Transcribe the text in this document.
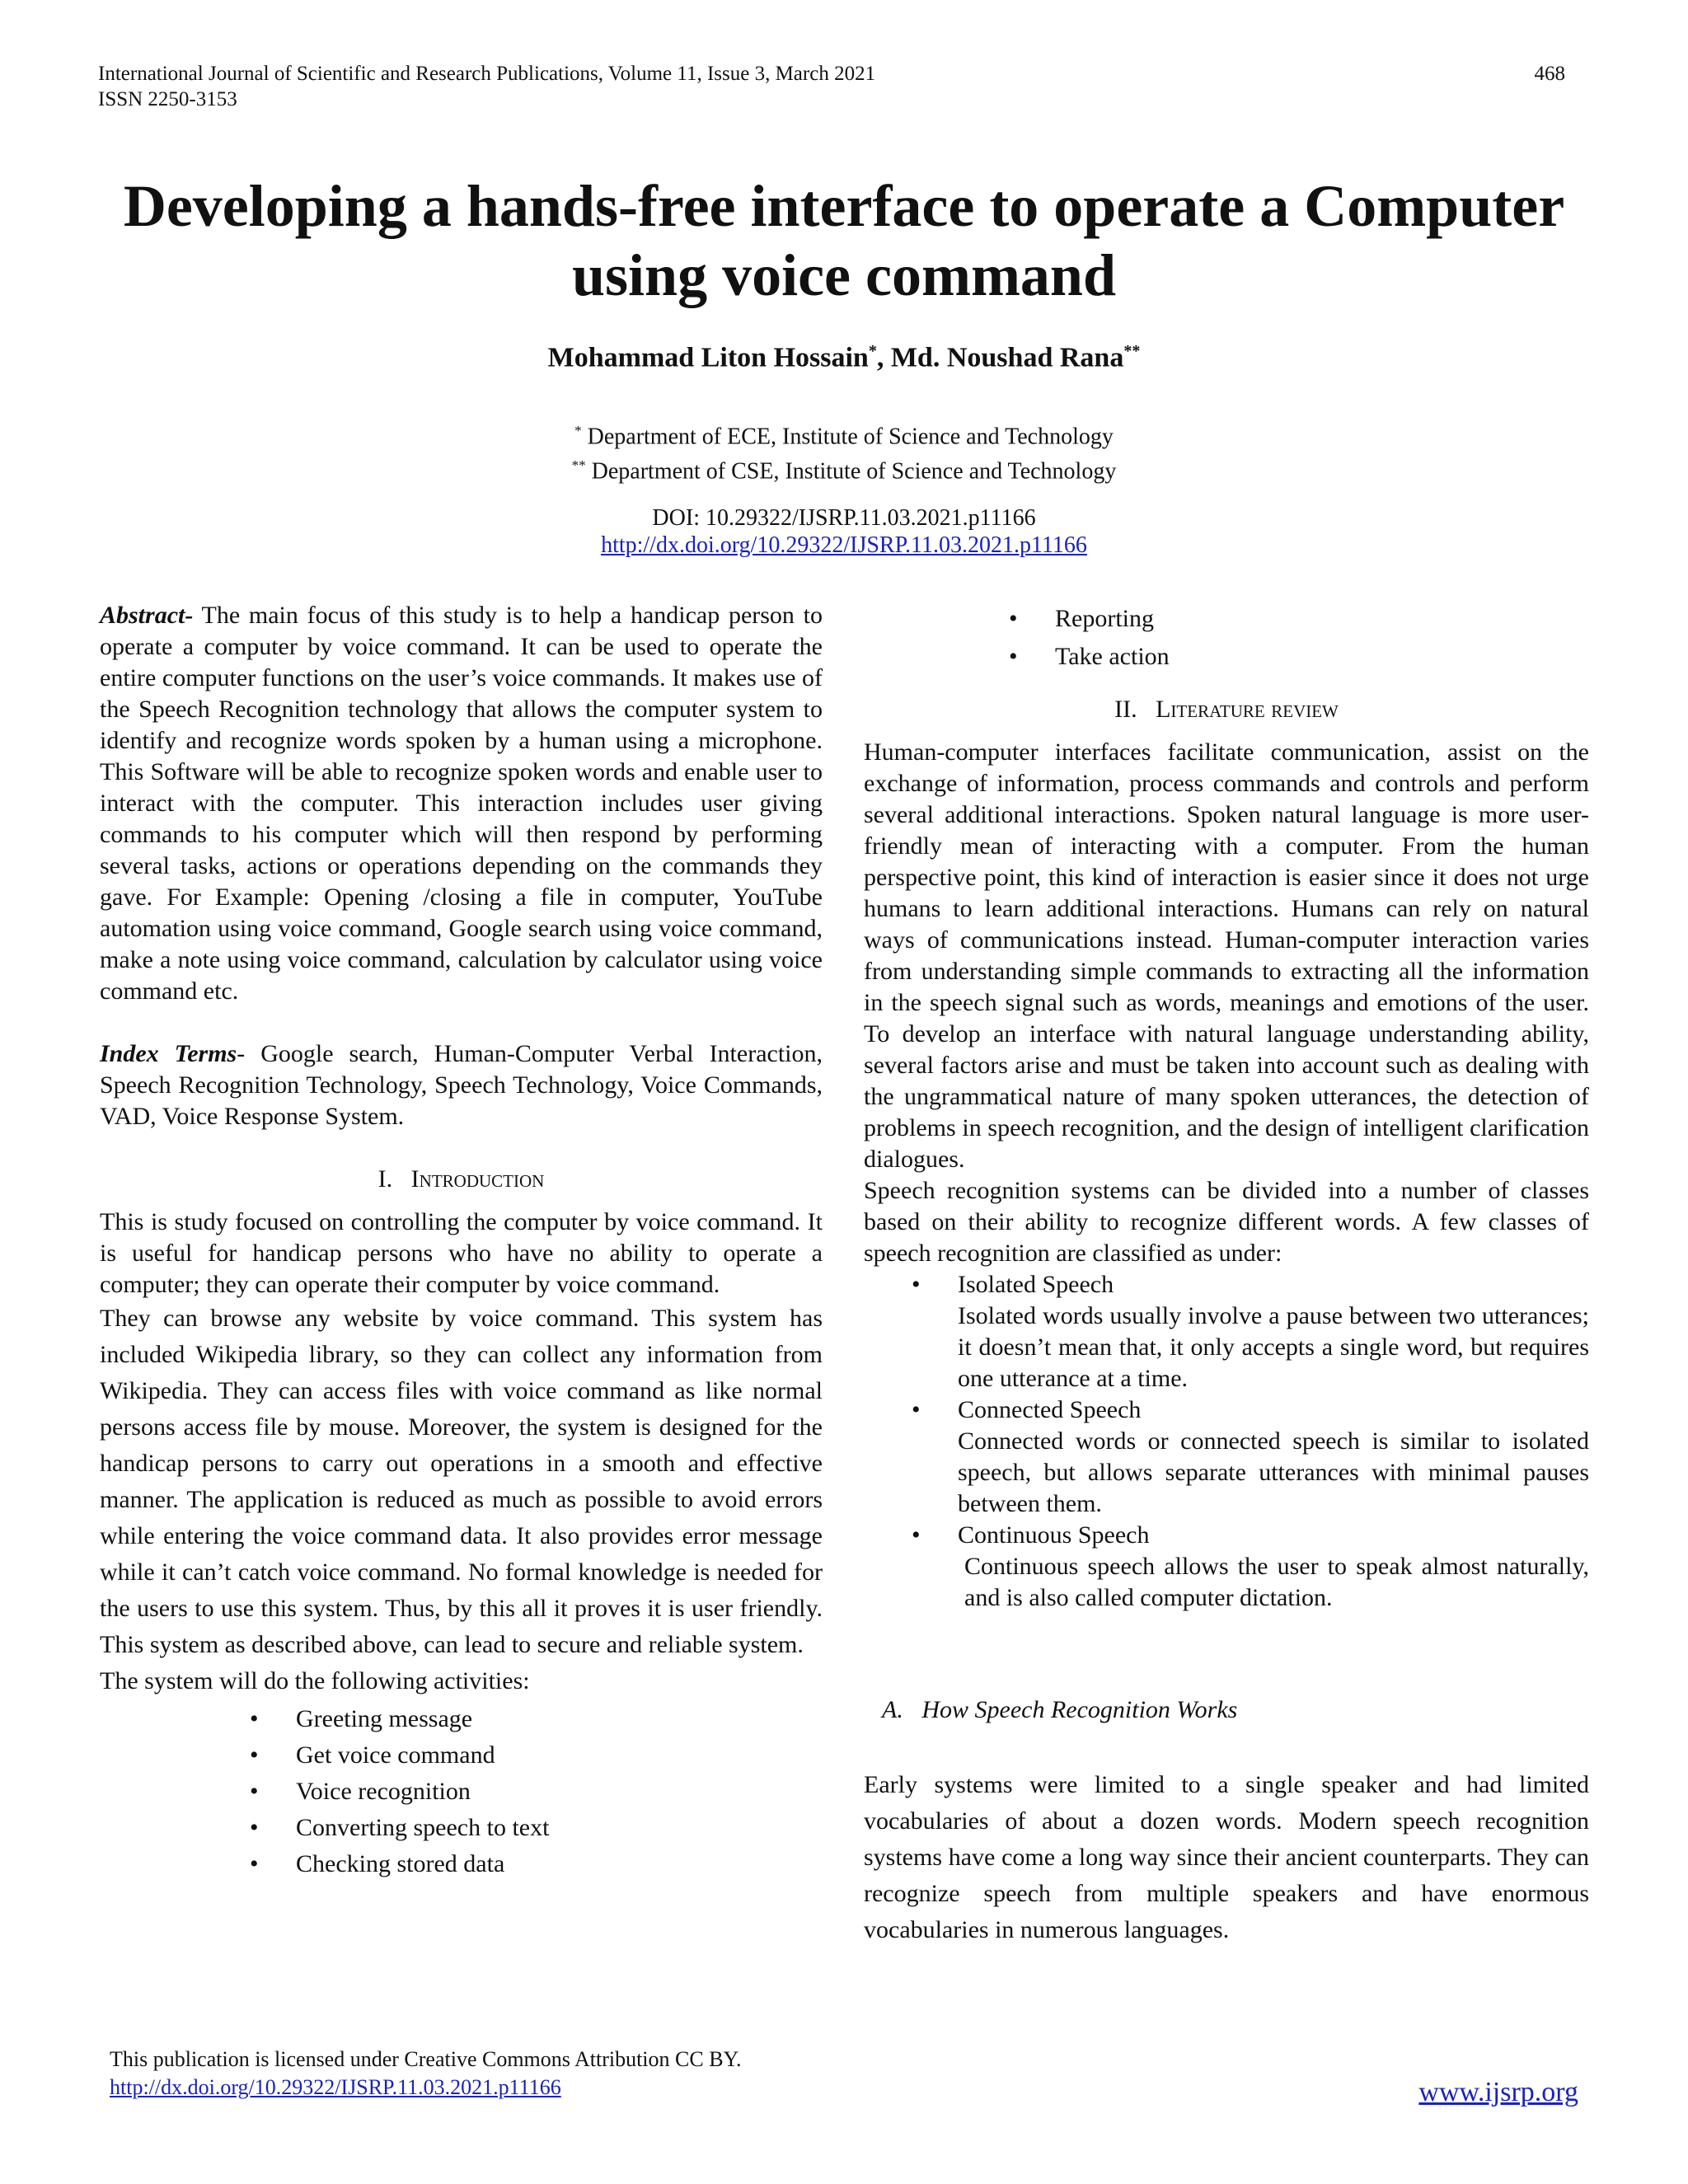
International Journal of Scientific and Research Publications, Volume 11, Issue 3, March 2021
ISSN 2250-3153
468
Developing a hands-free interface to operate a Computer
using voice command
Mohammad Liton Hossain*, Md. Noushad Rana**
* Department of ECE, Institute of Science and Technology
** Department of CSE, Institute of Science and Technology
DOI: 10.29322/IJSRP.11.03.2021.p11166
http://dx.doi.org/10.29322/IJSRP.11.03.2021.p11166

Abstract- The main focus of this study is to help a handicap person to operate a computer by voice command. It can be used to operate the entire computer functions on the user’s voice commands. It makes use of the Speech Recognition technology that allows the computer system to identify and recognize words spoken by a human using a microphone. This Software will be able to recognize spoken words and enable user to interact with the computer. This interaction includes user giving commands to his computer which will then respond by performing several tasks, actions or operations depending on the commands they gave. For Example: Opening /closing a file in computer, YouTube automation using voice command, Google search using voice command, make a note using voice command, calculation by calculator using voice command etc.

Index Terms- Google search, Human-Computer Verbal Interaction, Speech Recognition Technology, Speech Technology, Voice Commands, VAD, Voice Response System.

I. Introduction

This is study focused on controlling the computer by voice command. It is useful for handicap persons who have no ability to operate a computer; they can operate their computer by voice command.

They can browse any website by voice command. This system has included Wikipedia library, so they can collect any information from Wikipedia. They can access files with voice command as like normal persons access file by mouse. Moreover, the system is designed for the handicap persons to carry out operations in a smooth and effective manner. The application is reduced as much as possible to avoid errors while entering the voice command data. It also provides error message while it can’t catch voice command. No formal knowledge is needed for the users to use this system. Thus, by this all it proves it is user friendly. This system as described above, can lead to secure and reliable system.

The system will do the following activities:

• Greeting message
• Get voice command
• Voice recognition
• Converting speech to text
• Checking stored data
• Reporting
• Take action

II. Literature review

Human-computer interfaces facilitate communication, assist on the exchange of information, process commands and controls and perform several additional interactions. Spoken natural language is more user-friendly mean of interacting with a computer. From the human perspective point, this kind of interaction is easier since it does not urge humans to learn additional interactions. Humans can rely on natural ways of communications instead. Human-computer interaction varies from understanding simple commands to extracting all the information in the speech signal such as words, meanings and emotions of the user. To develop an interface with natural language understanding ability, several factors arise and must be taken into account such as dealing with the ungrammatical nature of many spoken utterances, the detection of problems in speech recognition, and the design of intelligent clarification dialogues.

Speech recognition systems can be divided into a number of classes based on their ability to recognize different words. A few classes of speech recognition are classified as under:

• Isolated Speech
Isolated words usually involve a pause between two utterances; it doesn’t mean that, it only accepts a single word, but requires one utterance at a time.
• Connected Speech
Connected words or connected speech is similar to isolated speech, but allows separate utterances with minimal pauses between them.
• Continuous Speech
Continuous speech allows the user to speak almost naturally, and is also called computer dictation.

A. How Speech Recognition Works

Early systems were limited to a single speaker and had limited vocabularies of about a dozen words. Modern speech recognition systems have come a long way since their ancient counterparts. They can recognize speech from multiple speakers and have enormous vocabularies in numerous languages.

This publication is licensed under Creative Commons Attribution CC BY.
http://dx.doi.org/10.29322/IJSRP.11.03.2021.p11166	www.ijsrp.org
